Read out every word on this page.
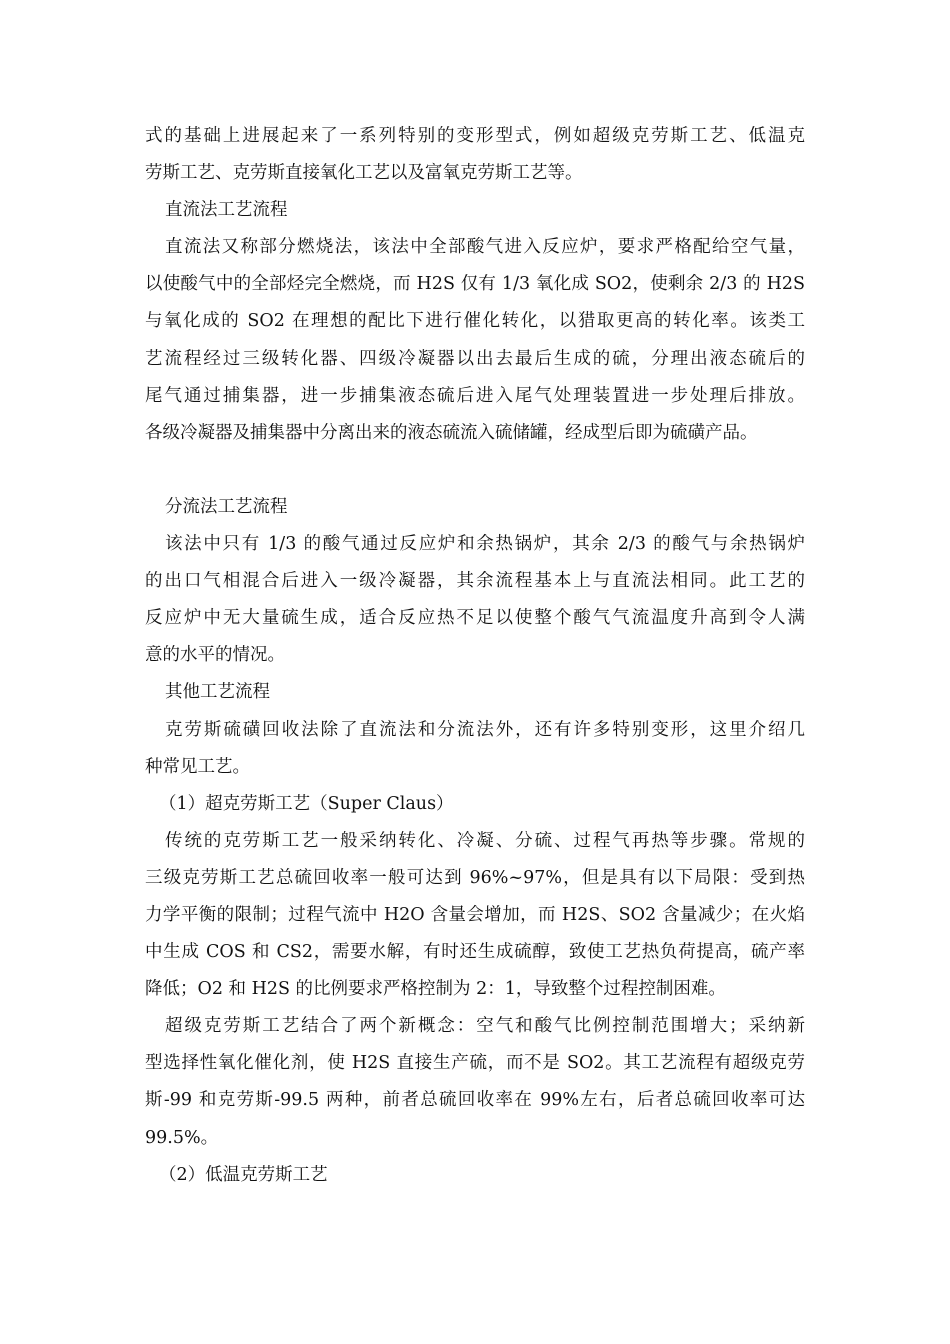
式的基础上进展起来了一系列特别的变形型式，例如超级克劳斯工艺、低温克
劳斯工艺、克劳斯直接氧化工艺以及富氧克劳斯工艺等。
直流法工艺流程
直流法又称部分燃烧法，该法中全部酸气进入反应炉，要求严格配给空气量，
以使酸气中的全部烃完全燃烧，而 H2S 仅有 1/3 氧化成 SO2，使剩余 2/3 的 H2S
与氧化成的 SO2 在理想的配比下进行催化转化，以猎取更高的转化率。该类工
艺流程经过三级转化器、四级冷凝器以出去最后生成的硫，分理出液态硫后的
尾气通过捕集器，进一步捕集液态硫后进入尾气处理装置进一步处理后排放。
各级冷凝器及捕集器中分离出来的液态硫流入硫储罐，经成型后即为硫磺产品。
分流法工艺流程
该法中只有 1/3 的酸气通过反应炉和余热锅炉，其余 2/3 的酸气与余热锅炉
的出口气相混合后进入一级冷凝器，其余流程基本上与直流法相同。此工艺的
反应炉中无大量硫生成，适合反应热不足以使整个酸气气流温度升高到令人满
意的水平的情况。
其他工艺流程
克劳斯硫磺回收法除了直流法和分流法外，还有许多特别变形，这里介绍几
种常见工艺。
（1）超克劳斯工艺（Super Claus）
传统的克劳斯工艺一般采纳转化、冷凝、分硫、过程气再热等步骤。常规的
三级克劳斯工艺总硫回收率一般可达到 96%~97%，但是具有以下局限：受到热
力学平衡的限制；过程气流中 H2O 含量会增加，而 H2S、SO2 含量减少；在火焰
中生成 COS 和 CS2，需要水解，有时还生成硫醇，致使工艺热负荷提高，硫产率
降低；O2 和 H2S 的比例要求严格控制为 2：1，导致整个过程控制困难。
超级克劳斯工艺结合了两个新概念：空气和酸气比例控制范围增大；采纳新
型选择性氧化催化剂，使 H2S 直接生产硫，而不是 SO2。其工艺流程有超级克劳
斯-99 和克劳斯-99.5 两种，前者总硫回收率在 99%左右，后者总硫回收率可达
99.5%。
（2）低温克劳斯工艺
